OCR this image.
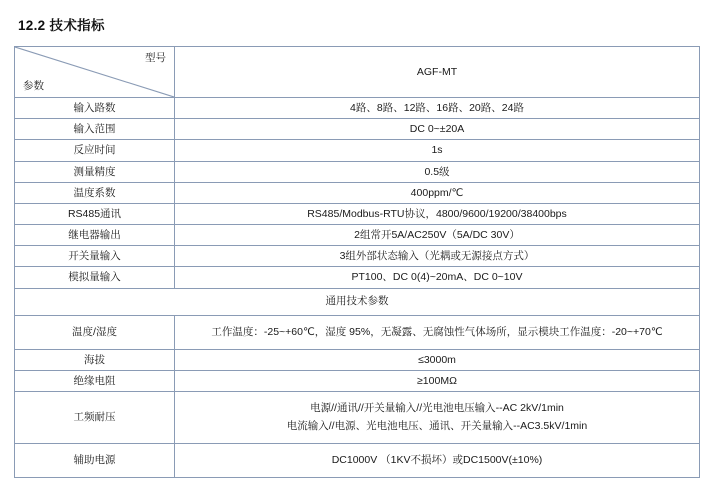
12.2 技术指标
型号
参数	AGF-MT
输入路数	4路、8路、12路、16路、20路、24路
输入范围	DC 0~±20A
反应时间	1s
测量精度	0.5级
温度系数	400ppm/℃
RS485通讯	RS485/Modbus-RTU协议，4800/9600/19200/38400bps
继电器输出	2组常开5A/AC250V（5A/DC 30V）
开关量输入	3组外部状态输入（光耦或无源接点方式）
模拟量输入	PT100、DC 0(4)~20mA、DC 0~10V
通用技术参数	
温度/湿度	工作温度：-25~+60℃，湿度 95%，无凝露、无腐蚀性气体场所，显示模块工作温度：-20~+70℃
海拔	≤3000m
绝缘电阻	≥100MΩ
工频耐压	电源//通讯//开关量输入//光电池电压输入--AC 2kV/1min
电流输入//电源、光电池电压、通讯、开关量输入--AC3.5kV/1min

辅助电源	DC1000V （1KV不损坏）或DC1500V(±10%)
